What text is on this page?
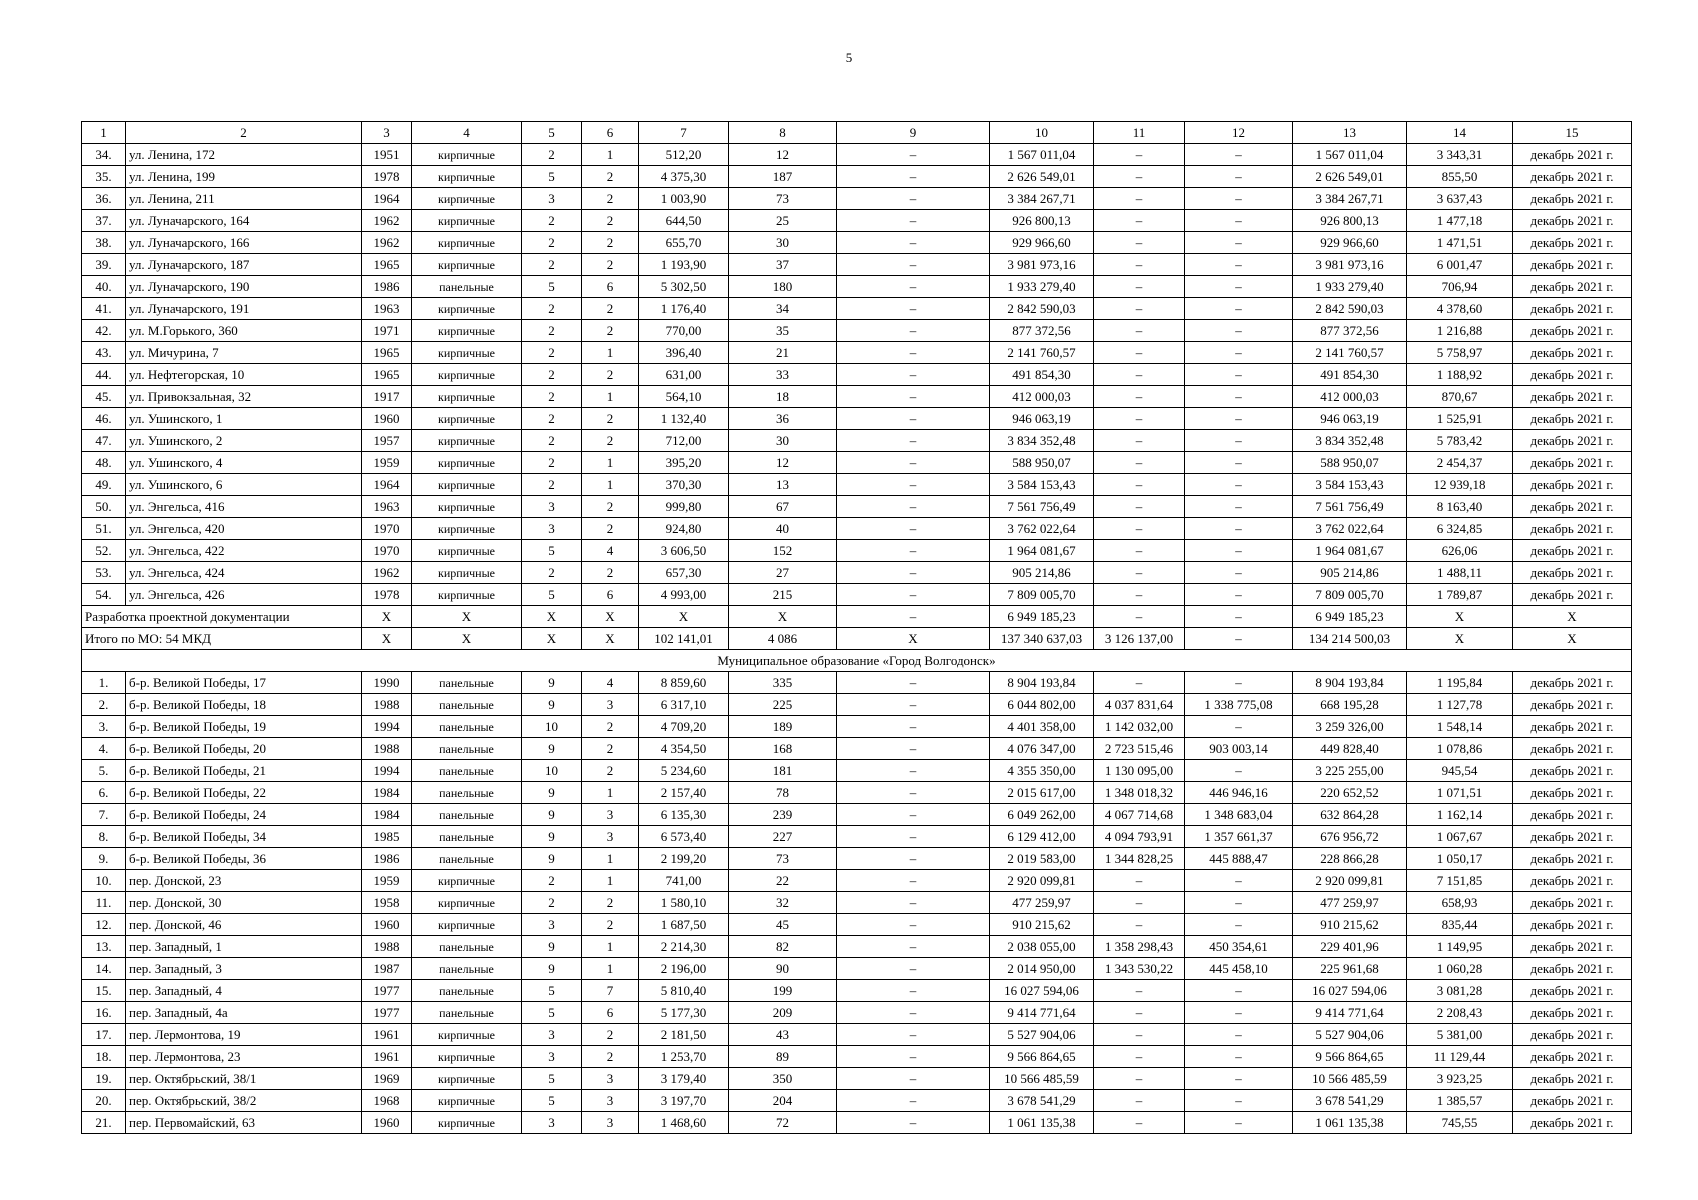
5
1	2	3	4	5	6	7	8	9	10	11	12	13	14	15
34.	ул. Ленина, 172	1951	кирпичные	2	1	512,20	12	–	1 567 011,04	–	–	1 567 011,04	3 343,31	декабрь 2021 г.
35.	ул. Ленина, 199	1978	кирпичные	5	2	4 375,30	187	–	2 626 549,01	–	–	2 626 549,01	855,50	декабрь 2021 г.
36.	ул. Ленина, 211	1964	кирпичные	3	2	1 003,90	73	–	3 384 267,71	–	–	3 384 267,71	3 637,43	декабрь 2021 г.
37.	ул. Луначарского, 164	1962	кирпичные	2	2	644,50	25	–	926 800,13	–	–	926 800,13	1 477,18	декабрь 2021 г.
38.	ул. Луначарского, 166	1962	кирпичные	2	2	655,70	30	–	929 966,60	–	–	929 966,60	1 471,51	декабрь 2021 г.
39.	ул. Луначарского, 187	1965	кирпичные	2	2	1 193,90	37	–	3 981 973,16	–	–	3 981 973,16	6 001,47	декабрь 2021 г.
40.	ул. Луначарского, 190	1986	панельные	5	6	5 302,50	180	–	1 933 279,40	–	–	1 933 279,40	706,94	декабрь 2021 г.
41.	ул. Луначарского, 191	1963	кирпичные	2	2	1 176,40	34	–	2 842 590,03	–	–	2 842 590,03	4 378,60	декабрь 2021 г.
42.	ул. М.Горького, 360	1971	кирпичные	2	2	770,00	35	–	877 372,56	–	–	877 372,56	1 216,88	декабрь 2021 г.
43.	ул. Мичурина, 7	1965	кирпичные	2	1	396,40	21	–	2 141 760,57	–	–	2 141 760,57	5 758,97	декабрь 2021 г.
44.	ул. Нефтегорская, 10	1965	кирпичные	2	2	631,00	33	–	491 854,30	–	–	491 854,30	1 188,92	декабрь 2021 г.
45.	ул. Привокзальная, 32	1917	кирпичные	2	1	564,10	18	–	412 000,03	–	–	412 000,03	870,67	декабрь 2021 г.
46.	ул. Ушинского, 1	1960	кирпичные	2	2	1 132,40	36	–	946 063,19	–	–	946 063,19	1 525,91	декабрь 2021 г.
47.	ул. Ушинского, 2	1957	кирпичные	2	2	712,00	30	–	3 834 352,48	–	–	3 834 352,48	5 783,42	декабрь 2021 г.
48.	ул. Ушинского, 4	1959	кирпичные	2	1	395,20	12	–	588 950,07	–	–	588 950,07	2 454,37	декабрь 2021 г.
49.	ул. Ушинского, 6	1964	кирпичные	2	1	370,30	13	–	3 584 153,43	–	–	3 584 153,43	12 939,18	декабрь 2021 г.
50.	ул. Энгельса, 416	1963	кирпичные	3	2	999,80	67	–	7 561 756,49	–	–	7 561 756,49	8 163,40	декабрь 2021 г.
51.	ул. Энгельса, 420	1970	кирпичные	3	2	924,80	40	–	3 762 022,64	–	–	3 762 022,64	6 324,85	декабрь 2021 г.
52.	ул. Энгельса, 422	1970	кирпичные	5	4	3 606,50	152	–	1 964 081,67	–	–	1 964 081,67	626,06	декабрь 2021 г.
53.	ул. Энгельса, 424	1962	кирпичные	2	2	657,30	27	–	905 214,86	–	–	905 214,86	1 488,11	декабрь 2021 г.
54.	ул. Энгельса, 426	1978	кирпичные	5	6	4 993,00	215	–	7 809 005,70	–	–	7 809 005,70	1 789,87	декабрь 2021 г.
Разработка проектной документации		X	X	X	X	X	X	–	6 949 185,23	–	–	6 949 185,23	X	X
Итого по МО: 54 МКД		X	X	X	X	102 141,01	4 086	X	137 340 637,03	3 126 137,00	–	134 214 500,03	X	X
Муниципальное образование «Город Волгодонск»														
1.	б-р. Великой Победы, 17	1990	панельные	9	4	8 859,60	335	–	8 904 193,84	–	–	8 904 193,84	1 195,84	декабрь 2021 г.
2.	б-р. Великой Победы, 18	1988	панельные	9	3	6 317,10	225	–	6 044 802,00	4 037 831,64	1 338 775,08	668 195,28	1 127,78	декабрь 2021 г.
3.	б-р. Великой Победы, 19	1994	панельные	10	2	4 709,20	189	–	4 401 358,00	1 142 032,00	–	3 259 326,00	1 548,14	декабрь 2021 г.
4.	б-р. Великой Победы, 20	1988	панельные	9	2	4 354,50	168	–	4 076 347,00	2 723 515,46	903 003,14	449 828,40	1 078,86	декабрь 2021 г.
5.	б-р. Великой Победы, 21	1994	панельные	10	2	5 234,60	181	–	4 355 350,00	1 130 095,00	–	3 225 255,00	945,54	декабрь 2021 г.
6.	б-р. Великой Победы, 22	1984	панельные	9	1	2 157,40	78	–	2 015 617,00	1 348 018,32	446 946,16	220 652,52	1 071,51	декабрь 2021 г.
7.	б-р. Великой Победы, 24	1984	панельные	9	3	6 135,30	239	–	6 049 262,00	4 067 714,68	1 348 683,04	632 864,28	1 162,14	декабрь 2021 г.
8.	б-р. Великой Победы, 34	1985	панельные	9	3	6 573,40	227	–	6 129 412,00	4 094 793,91	1 357 661,37	676 956,72	1 067,67	декабрь 2021 г.
9.	б-р. Великой Победы, 36	1986	панельные	9	1	2 199,20	73	–	2 019 583,00	1 344 828,25	445 888,47	228 866,28	1 050,17	декабрь 2021 г.
10.	пер. Донской, 23	1959	кирпичные	2	1	741,00	22	–	2 920 099,81	–	–	2 920 099,81	7 151,85	декабрь 2021 г.
11.	пер. Донской, 30	1958	кирпичные	2	2	1 580,10	32	–	477 259,97	–	–	477 259,97	658,93	декабрь 2021 г.
12.	пер. Донской, 46	1960	кирпичные	3	2	1 687,50	45	–	910 215,62	–	–	910 215,62	835,44	декабрь 2021 г.
13.	пер. Западный, 1	1988	панельные	9	1	2 214,30	82	–	2 038 055,00	1 358 298,43	450 354,61	229 401,96	1 149,95	декабрь 2021 г.
14.	пер. Западный, 3	1987	панельные	9	1	2 196,00	90	–	2 014 950,00	1 343 530,22	445 458,10	225 961,68	1 060,28	декабрь 2021 г.
15.	пер. Западный, 4	1977	панельные	5	7	5 810,40	199	–	16 027 594,06	–	–	16 027 594,06	3 081,28	декабрь 2021 г.
16.	пер. Западный, 4а	1977	панельные	5	6	5 177,30	209	–	9 414 771,64	–	–	9 414 771,64	2 208,43	декабрь 2021 г.
17.	пер. Лермонтова, 19	1961	кирпичные	3	2	2 181,50	43	–	5 527 904,06	–	–	5 527 904,06	5 381,00	декабрь 2021 г.
18.	пер. Лермонтова, 23	1961	кирпичные	3	2	1 253,70	89	–	9 566 864,65	–	–	9 566 864,65	11 129,44	декабрь 2021 г.
19.	пер. Октябрьский, 38/1	1969	кирпичные	5	3	3 179,40	350	–	10 566 485,59	–	–	10 566 485,59	3 923,25	декабрь 2021 г.
20.	пер. Октябрьский, 38/2	1968	кирпичные	5	3	3 197,70	204	–	3 678 541,29	–	–	3 678 541,29	1 385,57	декабрь 2021 г.
21.	пер. Первомайский, 63	1960	кирпичные	3	3	1 468,60	72	–	1 061 135,38	–	–	1 061 135,38	745,55	декабрь 2021 г.
